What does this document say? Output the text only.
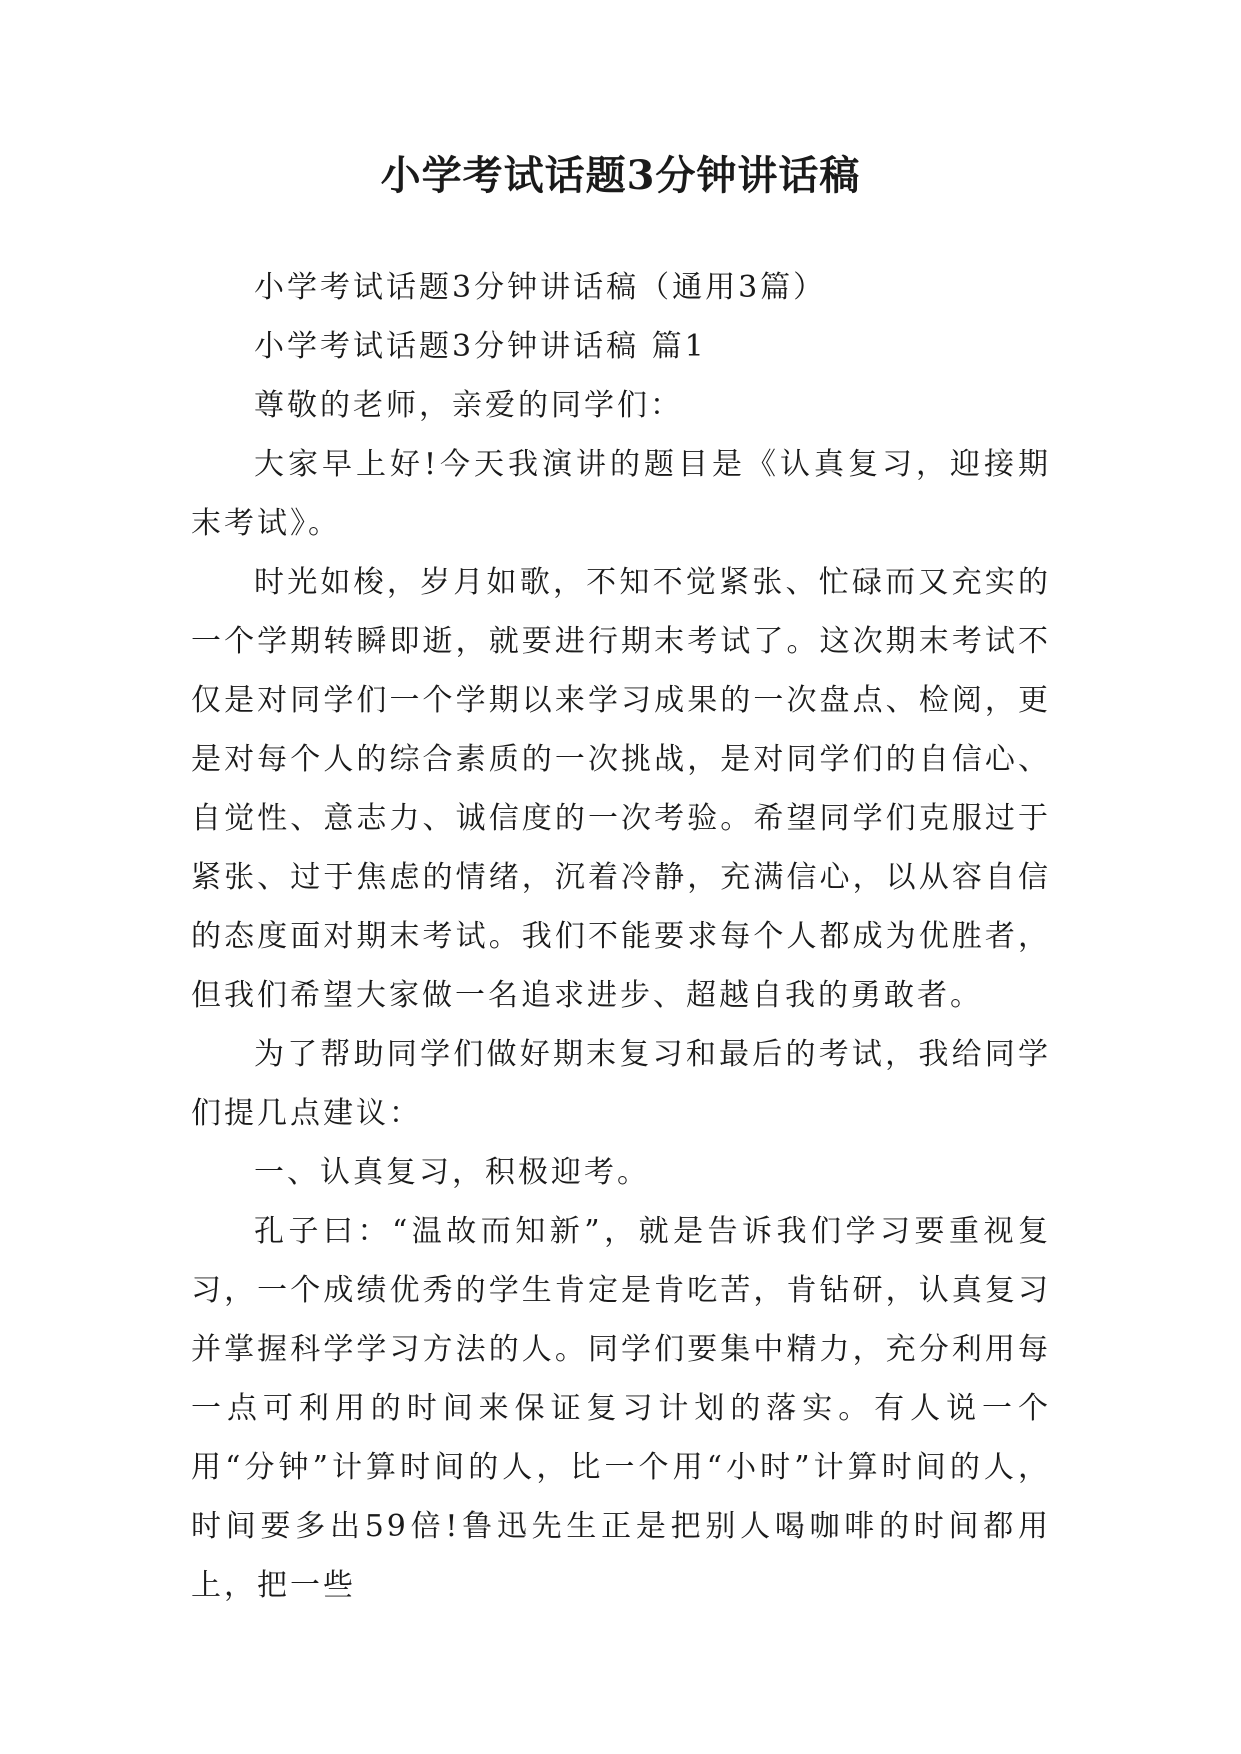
小学考试话题3分钟讲话稿

小学考试话题3分钟讲话稿（通用3篇）

小学考试话题3分钟讲话稿 篇1

尊敬的老师，亲爱的同学们：

大家早上好!今天我演讲的题目是《认真复习，迎接期末考试》。

时光如梭，岁月如歌，不知不觉紧张、忙碌而又充实的一个学期转瞬即逝，就要进行期末考试了。这次期末考试不仅是对同学们一个学期以来学习成果的一次盘点、检阅，更是对每个人的综合素质的一次挑战，是对同学们的自信心、自觉性、意志力、诚信度的一次考验。希望同学们克服过于紧张、过于焦虑的情绪，沉着冷静，充满信心，以从容自信的态度面对期末考试。我们不能要求每个人都成为优胜者，但我们希望大家做一名追求进步、超越自我的勇敢者。

为了帮助同学们做好期末复习和最后的考试，我给同学们提几点建议：

一、认真复习，积极迎考。

孔子曰：“温故而知新”，就是告诉我们学习要重视复习，一个成绩优秀的学生肯定是肯吃苦，肯钻研，认真复习并掌握科学学习方法的人。同学们要集中精力，充分利用每一点可利用的时间来保证复习计划的落实。有人说一个用“分钟”计算时间的人，比一个用“小时”计算时间的人，时间要多出59倍!鲁迅先生正是把别人喝咖啡的时间都用上，把一些
